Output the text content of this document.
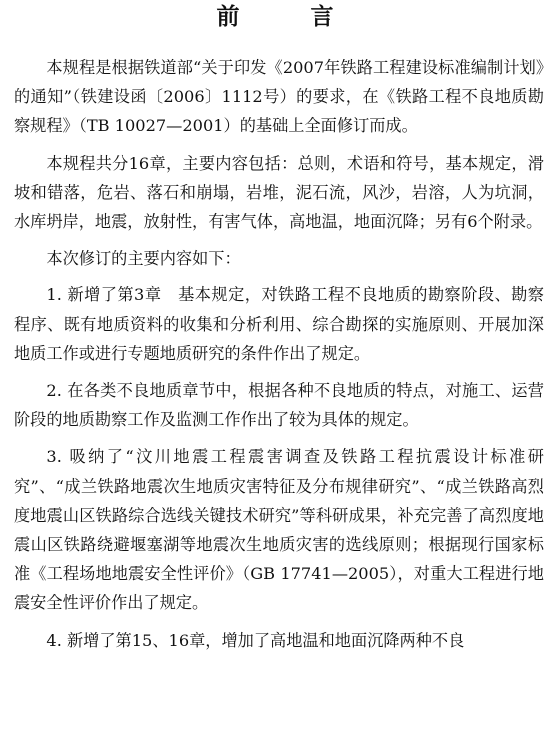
前　言

本规程是根据铁道部“关于印发《2007年铁路工程建设标准编制计划》的通知”（铁建设函〔2006〕1112号）的要求，在《铁路工程不良地质勘察规程》（TB 10027—2001）的基础上全面修订而成。

本规程共分16章，主要内容包括：总则，术语和符号，基本规定，滑坡和错落，危岩、落石和崩塌，岩堆，泥石流，风沙，岩溶，人为坑洞，水库坍岸，地震，放射性，有害气体，高地温，地面沉降；另有6个附录。

本次修订的主要内容如下：

1. 新增了第3章　基本规定，对铁路工程不良地质的勘察阶段、勘察程序、既有地质资料的收集和分析利用、综合勘探的实施原则、开展加深地质工作或进行专题地质研究的条件作出了规定。

2. 在各类不良地质章节中，根据各种不良地质的特点，对施工、运营阶段的地质勘察工作及监测工作作出了较为具体的规定。

3. 吸纳了“汶川地震工程震害调查及铁路工程抗震设计标准研究”、“成兰铁路地震次生地质灾害特征及分布规律研究”、“成兰铁路高烈度地震山区铁路综合选线关键技术研究”等科研成果，补充完善了高烈度地震山区铁路绕避堰塞湖等地震次生地质灾害的选线原则；根据现行国家标准《工程场地地震安全性评价》（GB 17741—2005），对重大工程进行地震安全性评价作出了规定。

4. 新增了第15、16章，增加了高地温和地面沉降两种不良
